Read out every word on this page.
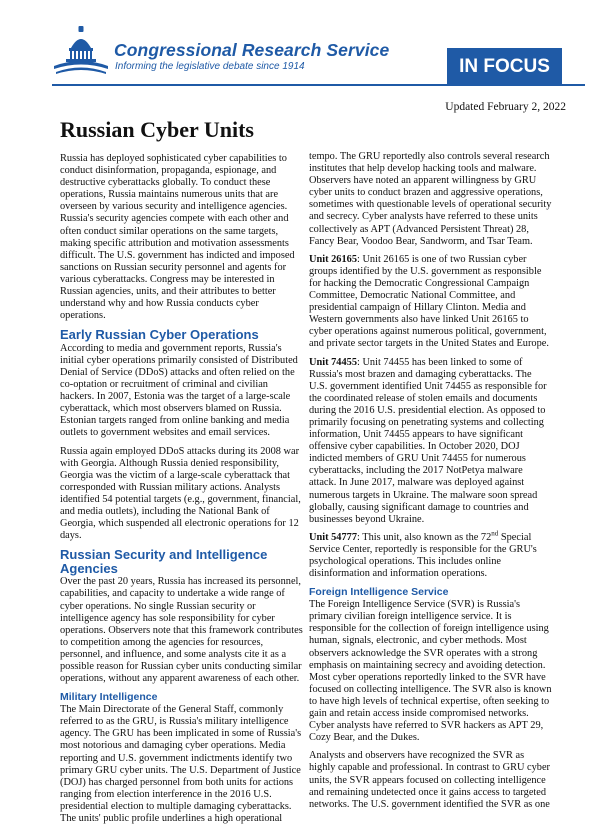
Congressional Research Service
Informing the legislative debate since 1914	IN FOCUS
Updated February 2, 2022
Russian Cyber Units

Russia has deployed sophisticated cyber capabilities to conduct disinformation, propaganda, espionage, and destructive cyberattacks globally. To conduct these operations, Russia maintains numerous units that are overseen by various security and intelligence agencies. Russia's security agencies compete with each other and often conduct similar operations on the same targets, making specific attribution and motivation assessments difficult. The U.S. government has indicted and imposed sanctions on Russian security personnel and agents for various cyberattacks. Congress may be interested in Russian agencies, units, and their attributes to better understand why and how Russia conducts cyber operations.

Early Russian Cyber Operations

According to media and government reports, Russia's initial cyber operations primarily consisted of Distributed Denial of Service (DDoS) attacks and often relied on the co-optation or recruitment of criminal and civilian hackers. In 2007, Estonia was the target of a large-scale cyberattack, which most observers blamed on Russia. Estonian targets ranged from online banking and media outlets to government websites and email services.

Russia again employed DDoS attacks during its 2008 war with Georgia. Although Russia denied responsibility, Georgia was the victim of a large-scale cyberattack that corresponded with Russian military actions. Analysts identified 54 potential targets (e.g., government, financial, and media outlets), including the National Bank of Georgia, which suspended all electronic operations for 12 days.

Russian Security and Intelligence Agencies

Over the past 20 years, Russia has increased its personnel, capabilities, and capacity to undertake a wide range of cyber operations. No single Russian security or intelligence agency has sole responsibility for cyber operations. Observers note that this framework contributes to competition among the agencies for resources, personnel, and influence, and some analysts cite it as a possible reason for Russian cyber units conducting similar operations, without any apparent awareness of each other.

Military Intelligence

The Main Directorate of the General Staff, commonly referred to as the GRU, is Russia's military intelligence agency. The GRU has been implicated in some of Russia's most notorious and damaging cyber operations. Media reporting and U.S. government indictments identify two primary GRU cyber units. The U.S. Department of Justice (DOJ) has charged personnel from both units for actions ranging from election interference in the 2016 U.S. presidential election to multiple damaging cyberattacks. The units' public profile underlines a high operational

tempo. The GRU reportedly also controls several research institutes that help develop hacking tools and malware. Observers have noted an apparent willingness by GRU cyber units to conduct brazen and aggressive operations, sometimes with questionable levels of operational security and secrecy. Cyber analysts have referred to these units collectively as APT (Advanced Persistent Threat) 28, Fancy Bear, Voodoo Bear, Sandworm, and Tsar Team.

Unit 26165: Unit 26165 is one of two Russian cyber groups identified by the U.S. government as responsible for hacking the Democratic Congressional Campaign Committee, Democratic National Committee, and presidential campaign of Hillary Clinton. Media and Western governments also have linked Unit 26165 to cyber operations against numerous political, government, and private sector targets in the United States and Europe.

Unit 74455: Unit 74455 has been linked to some of Russia's most brazen and damaging cyberattacks. The U.S. government identified Unit 74455 as responsible for the coordinated release of stolen emails and documents during the 2016 U.S. presidential election. As opposed to primarily focusing on penetrating systems and collecting information, Unit 74455 appears to have significant offensive cyber capabilities. In October 2020, DOJ indicted members of GRU Unit 74455 for numerous cyberattacks, including the 2017 NotPetya malware attack. In June 2017, malware was deployed against numerous targets in Ukraine. The malware soon spread globally, causing significant damage to countries and businesses beyond Ukraine.

Unit 54777: This unit, also known as the 72nd Special Service Center, reportedly is responsible for the GRU's psychological operations. This includes online disinformation and information operations.

Foreign Intelligence Service

The Foreign Intelligence Service (SVR) is Russia's primary civilian foreign intelligence service. It is responsible for the collection of foreign intelligence using human, signals, electronic, and cyber methods. Most observers acknowledge the SVR operates with a strong emphasis on maintaining secrecy and avoiding detection. Most cyber operations reportedly linked to the SVR have focused on collecting intelligence. The SVR also is known to have high levels of technical expertise, often seeking to gain and retain access inside compromised networks. Cyber analysts have referred to SVR hackers as APT 29, Cozy Bear, and the Dukes.

Analysts and observers have recognized the SVR as highly capable and professional. In contrast to GRU cyber units, the SVR appears focused on collecting intelligence and remaining undetected once it gains access to targeted networks. The U.S. government identified the SVR as one
